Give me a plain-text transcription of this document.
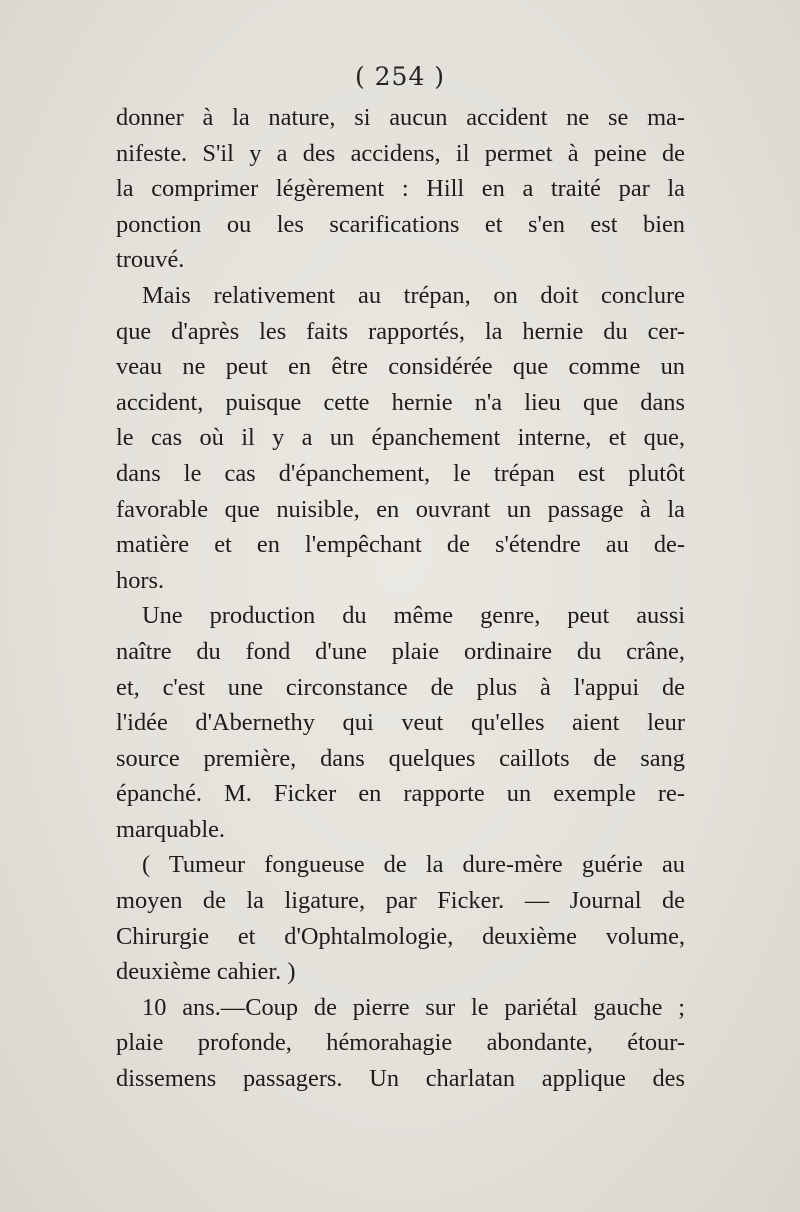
( 254 )

donner à la nature, si aucun accident ne se ma-
nifeste. S'il y a des accidens, il permet à peine de
la comprimer légèrement : Hill en a traité par la
ponction ou les scarifications et s'en est bien
trouvé.

Mais relativement au trépan, on doit conclure
que d'après les faits rapportés, la hernie du cer-
veau ne peut en être considérée que comme un
accident, puisque cette hernie n'a lieu que dans
le cas où il y a un épanchement interne, et que,
dans le cas d'épanchement, le trépan est plutôt
favorable que nuisible, en ouvrant un passage à la
matière et en l'empêchant de s'étendre au de-
hors.

Une production du même genre, peut aussi
naître du fond d'une plaie ordinaire du crâne,
et, c'est une circonstance de plus à l'appui de
l'idée d'Abernethy qui veut qu'elles aient leur
source première, dans quelques caillots de sang
épanché. M. Ficker en rapporte un exemple re-
marquable.

( Tumeur fongueuse de la dure-mère guérie au
moyen de la ligature, par Ficker. — Journal de
Chirurgie et d'Ophtalmologie, deuxième volume,
deuxième cahier. )

10 ans.—Coup de pierre sur le pariétal gauche ;
plaie profonde, hémorahagie abondante, étour-
dissemens passagers. Un charlatan applique des
